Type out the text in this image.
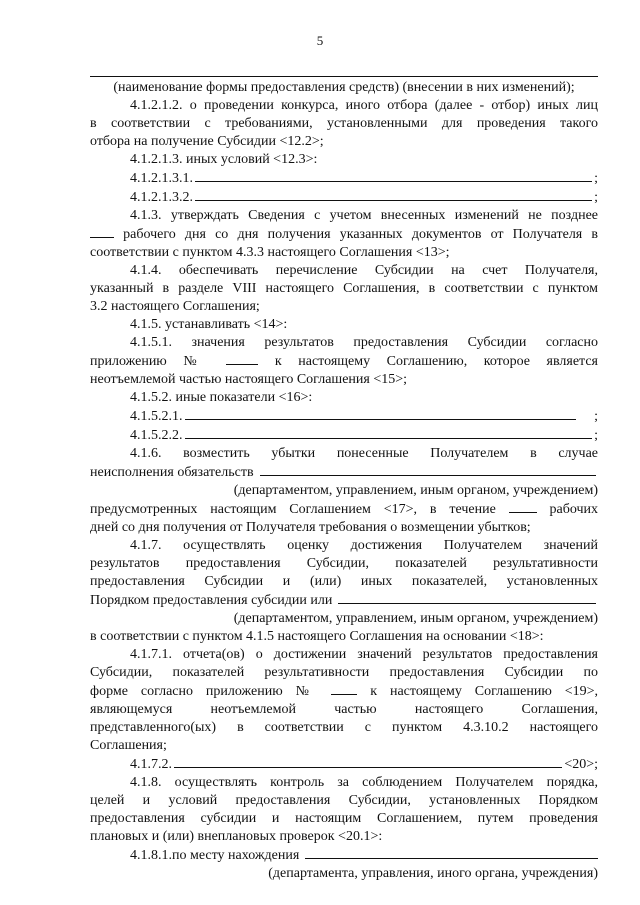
5

(наименование формы предоставления средств) (внесении в них изменений);

4.1.2.1.2. о проведении конкурса, иного отбора (далее - отбор) иных лиц

в соответствии с требованиями, установленными для проведения такого

отбора на получение Субсидии <12.2>;

4.1.2.1.3. иных условий <12.3>:

4.1.2.1.3.1.	;
4.1.2.1.3.2.	;

4.1.3. утверждать Сведения с учетом внесенных изменений не позднее

рабочего дня со дня получения указанных документов от Получателя в

соответствии с пунктом 4.3.3 настоящего Соглашения <13>;

4.1.4. обеспечивать перечисление Субсидии на счет Получателя,

указанный в разделе VIII настоящего Соглашения, в соответствии с пунктом

3.2 настоящего Соглашения;

4.1.5. устанавливать <14>:

4.1.5.1. значения результатов предоставления Субсидии согласно

приложению №	к настоящему Соглашению, которое является

неотъемлемой частью настоящего Соглашения <15>;

4.1.5.2. иные показатели <16>:

4.1.5.2.1.	;
4.1.5.2.2.	;

4.1.6. возместить убытки понесенные Получателем в случае

неисполнения обязательств

(департаментом, управлением, иным органом, учреждением)

предусмотренных настоящим Соглашением <17>, в течение	рабочих

дней со дня получения от Получателя требования о возмещении убытков;

4.1.7. осуществлять оценку достижения Получателем значений

результатов предоставления Субсидии, показателей результативности

предоставления Субсидии и (или) иных показателей, установленных

Порядком предоставления субсидии или

(департаментом, управлением, иным органом, учреждением)

в соответствии с пунктом 4.1.5 настоящего Соглашения на основании <18>:

4.1.7.1. отчета(ов) о достижении значений результатов предоставления

Субсидии, показателей результативности предоставления Субсидии по

форме согласно приложению №	к настоящему Соглашению <19>,

являющемуся неотъемлемой частью настоящего Соглашения,

представленного(ых) в соответствии с пунктом 4.3.10.2 настоящего

Соглашения;

4.1.7.2.	<20>;

4.1.8. осуществлять контроль за соблюдением Получателем порядка,

целей и условий предоставления Субсидии, установленных Порядком

предоставления субсидии и настоящим Соглашением, путем проведения

плановых и (или) внеплановых проверок <20.1>:

4.1.8.1.по месту нахождения

(департамента, управления, иного органа, учреждения)
